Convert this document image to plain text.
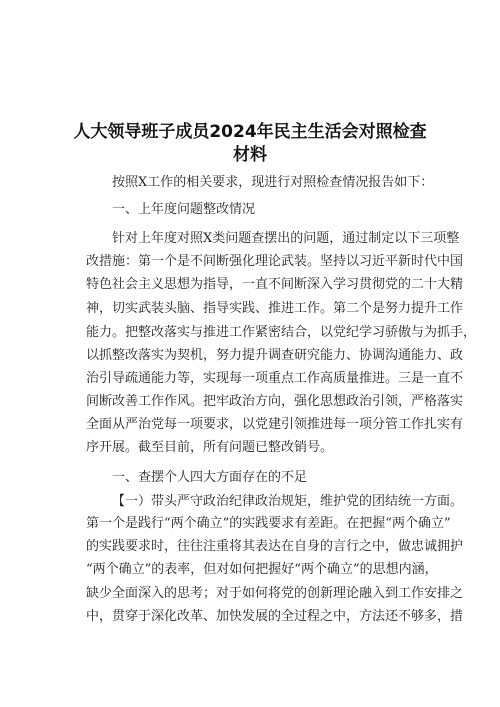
人大领导班子成员2024年民主生活会对照检查
材料
按照X工作的相关要求，现进行对照检查情况报告如下：
一、上年度问题整改情况
针对上年度对照X类问题查摆出的问题，通过制定以下三项整
改措施：第一个是不间断强化理论武装。坚持以习近平新时代中国
特色社会主义思想为指导，一直不间断深入学习贯彻党的二十大精
神，切实武装头脑、指导实践、推进工作。第二个是努力提升工作
能力。把整改落实与推进工作紧密结合，以党纪学习骄傲与为抓手，
以抓整改落实为契机，努力提升调查研究能力、协调沟通能力、政
治引导疏通能力等，实现每一项重点工作高质量推进。三是一直不
间断改善工作作风。把牢政治方向，强化思想政治引领，严格落实
全面从严治党每一项要求，以党建引领推进每一项分管工作扎实有
序开展。截至目前，所有问题已整改销号。
一、查摆个人四大方面存在的不足
【一）带头严守政治纪律政治规矩，维护党的团结统一方面。
第一个是践行“两个确立”的实践要求有差距。在把握“两个确立”
的实践要求时，往往注重将其表达在自身的言行之中，做忠诚拥护
“两个确立”的表率，但对如何把握好“两个确立”的思想内涵，
缺少全面深入的思考；对于如何将党的创新理论融入到工作安排之
中，贯穿于深化改革、加快发展的全过程之中，方法还不够多，措
